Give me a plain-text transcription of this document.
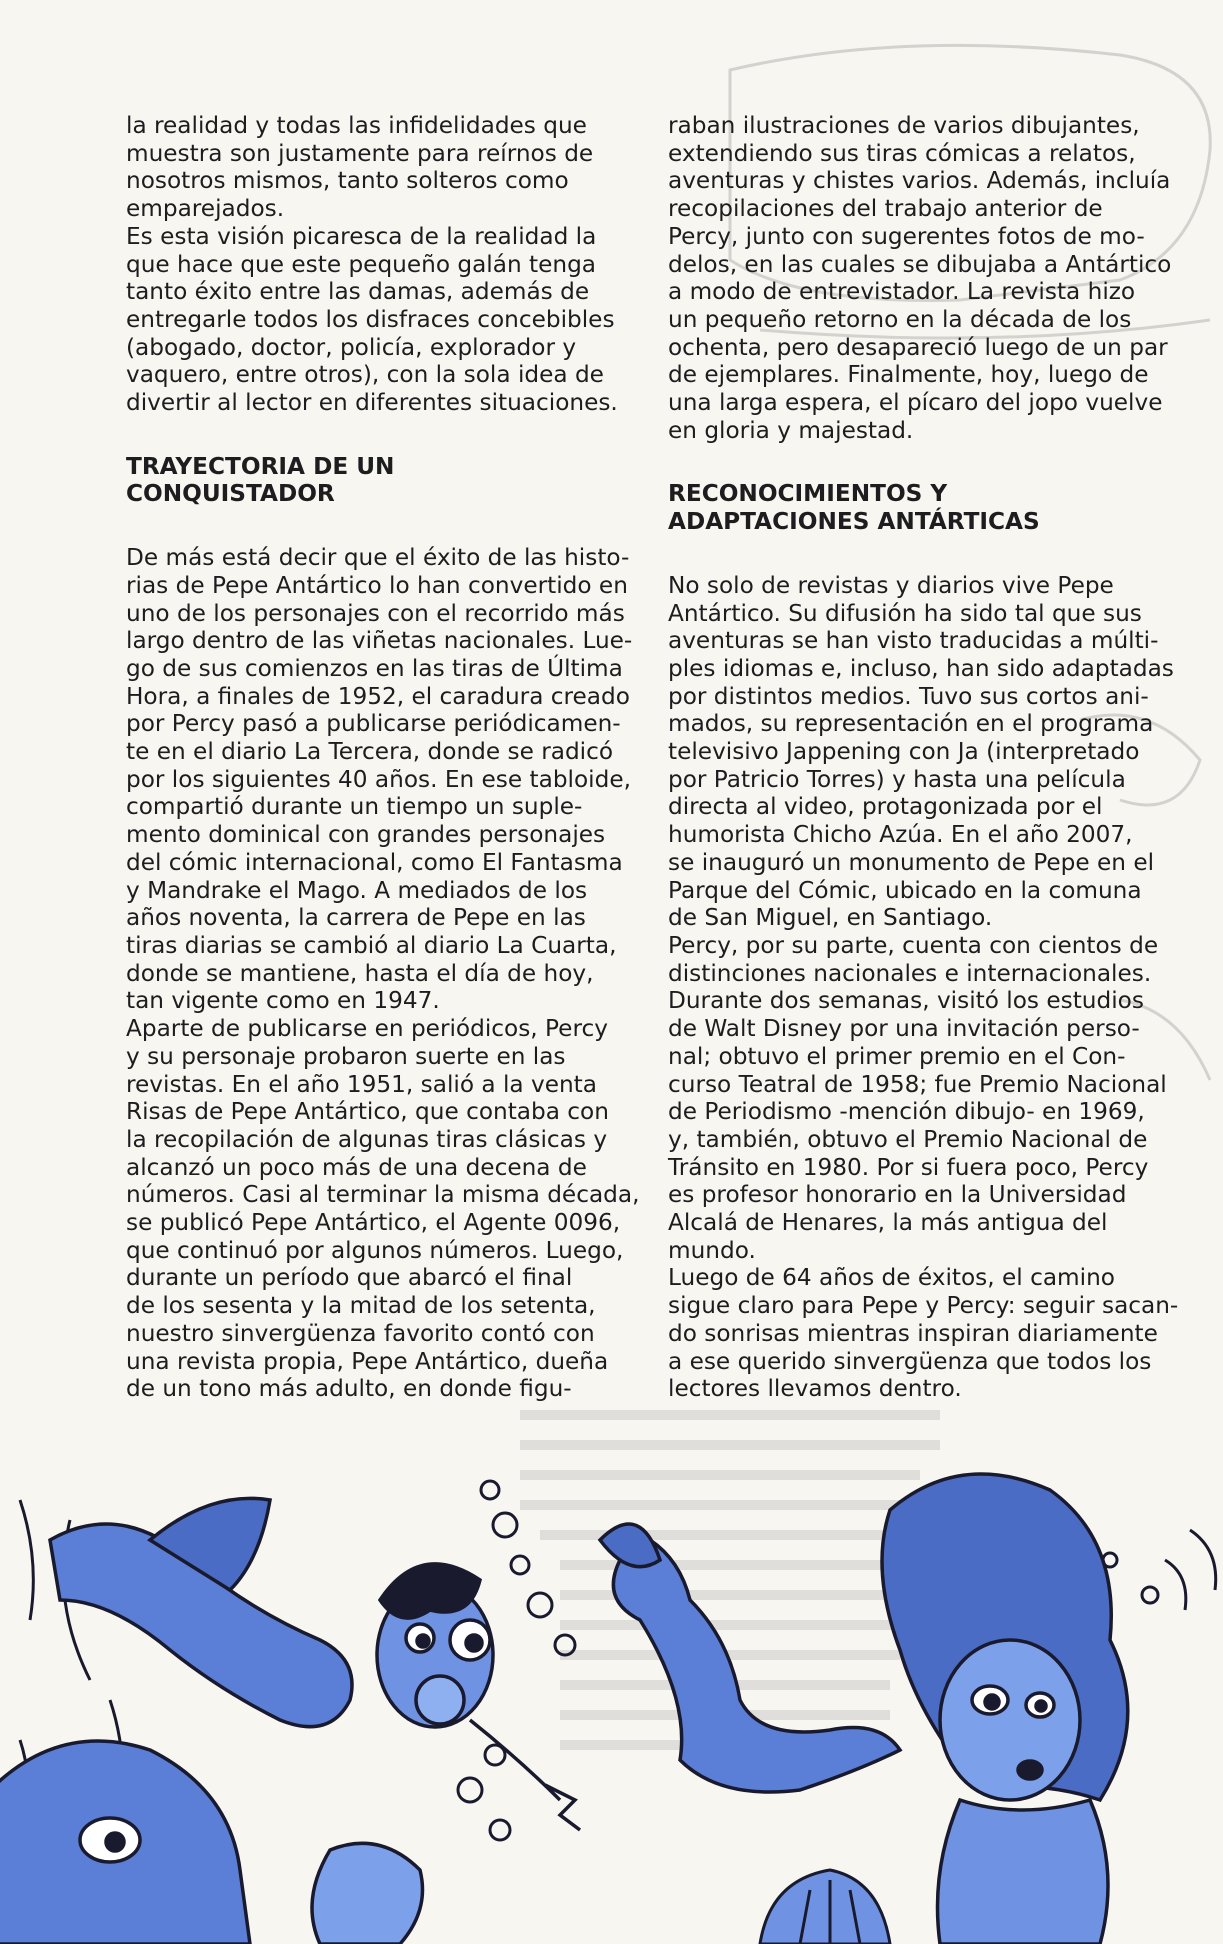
la realidad y todas las infidelidades que
muestra son justamente para reírnos de
nosotros mismos, tanto solteros como
emparejados.
Es esta visión picaresca de la realidad la
que hace que este pequeño galán tenga
tanto éxito entre las damas, además de
entregarle todos los disfraces concebibles
(abogado, doctor, policía, explorador y
vaquero, entre otros), con la sola idea de
divertir al lector en diferentes situaciones.
TRAYECTORIA DE UN
CONQUISTADOR
De más está decir que el éxito de las histo-
rias de Pepe Antártico lo han convertido en
uno de los personajes con el recorrido más
largo dentro de las viñetas nacionales. Lue-
go de sus comienzos en las tiras de Última
Hora, a finales de 1952, el caradura creado
por Percy pasó a publicarse periódicamen-
te en el diario La Tercera, donde se radicó
por los siguientes 40 años. En ese tabloide,
compartió durante un tiempo un suple-
mento dominical con grandes personajes
del cómic internacional, como El Fantasma
y Mandrake el Mago. A mediados de los
años noventa, la carrera de Pepe en las
tiras diarias se cambió al diario La Cuarta,
donde se mantiene, hasta el día de hoy,
tan vigente como en 1947.
Aparte de publicarse en periódicos, Percy
y su personaje probaron suerte en las
revistas. En el año 1951, salió a la venta
Risas de Pepe Antártico, que contaba con
la recopilación de algunas tiras clásicas y
alcanzó un poco más de una decena de
números. Casi al terminar la misma década,
se publicó Pepe Antártico, el Agente 0096,
que continuó por algunos números. Luego,
durante un período que abarcó el final
de los sesenta y la mitad de los setenta,
nuestro sinvergüenza favorito contó con
una revista propia, Pepe Antártico, dueña
de un tono más adulto, en donde figu-
raban ilustraciones de varios dibujantes,
extendiendo sus tiras cómicas a relatos,
aventuras y chistes varios. Además, incluía
recopilaciones del trabajo anterior de
Percy, junto con sugerentes fotos de mo-
delos, en las cuales se dibujaba a Antártico
a modo de entrevistador. La revista hizo
un pequeño retorno en la década de los
ochenta, pero desapareció luego de un par
de ejemplares. Finalmente, hoy, luego de
una larga espera, el pícaro del jopo vuelve
en gloria y majestad.
RECONOCIMIENTOS Y
ADAPTACIONES ANTÁRTICAS
No solo de revistas y diarios vive Pepe
Antártico. Su difusión ha sido tal que sus
aventuras se han visto traducidas a múlti-
ples idiomas e, incluso, han sido adaptadas
por distintos medios. Tuvo sus cortos ani-
mados, su representación en el programa
televisivo Jappening con Ja (interpretado
por Patricio Torres) y hasta una película
directa al video, protagonizada por el
humorista Chicho Azúa. En el año 2007,
se inauguró un monumento de Pepe en el
Parque del Cómic, ubicado en la comuna
de San Miguel, en Santiago.
Percy, por su parte, cuenta con cientos de
distinciones nacionales e internacionales.
Durante dos semanas, visitó los estudios
de Walt Disney por una invitación perso-
nal; obtuvo el primer premio en el Con-
curso Teatral de 1958; fue Premio Nacional
de Periodismo -mención dibujo- en 1969,
y, también, obtuvo el Premio Nacional de
Tránsito en 1980. Por si fuera poco, Percy
es profesor honorario en la Universidad
Alcalá de Henares, la más antigua del
mundo.
Luego de 64 años de éxitos, el camino
sigue claro para Pepe y Percy: seguir sacan-
do sonrisas mientras inspiran diariamente
a ese querido sinvergüenza que todos los
lectores llevamos dentro.
